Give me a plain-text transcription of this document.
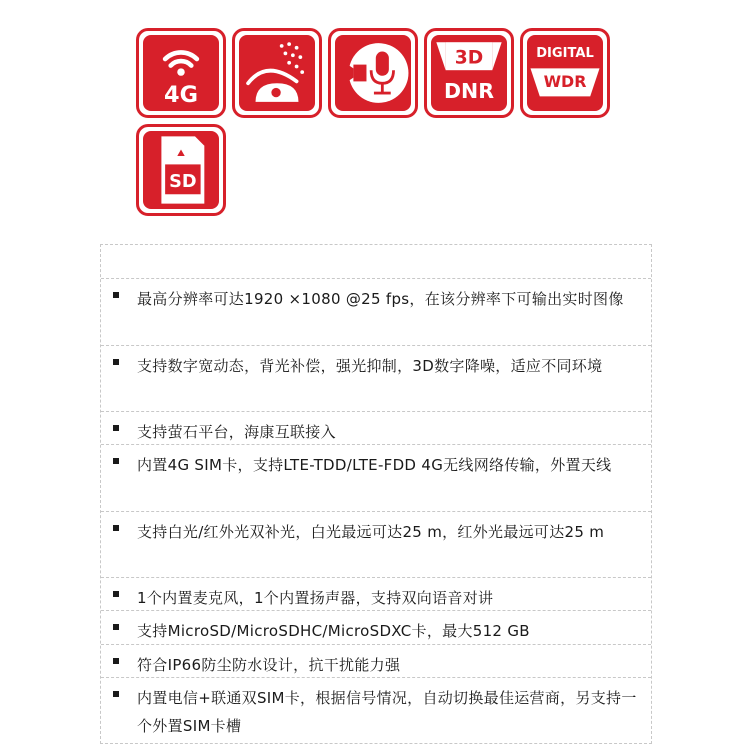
4G
3D
DNR
DIGITAL
WDR
SD
最高分辨率可达1920 ×1080 @25 fps，在该分辨率下可输出实时图像
支持数字宽动态，背光补偿，强光抑制，3D数字降噪，适应不同环境
支持萤石平台，海康互联接入
内置4G SIM卡，支持LTE-TDD/LTE-FDD 4G无线网络传输，外置天线
支持白光/红外光双补光，白光最远可达25 m，红外光最远可达25 m
1个内置麦克风，1个内置扬声器，支持双向语音对讲
支持MicroSD/MicroSDHC/MicroSDXC卡，最大512 GB
符合IP66防尘防水设计，抗干扰能力强
内置电信+联通双SIM卡，根据信号情况，自动切换最佳运营商，另支持一个外置SIM卡槽
